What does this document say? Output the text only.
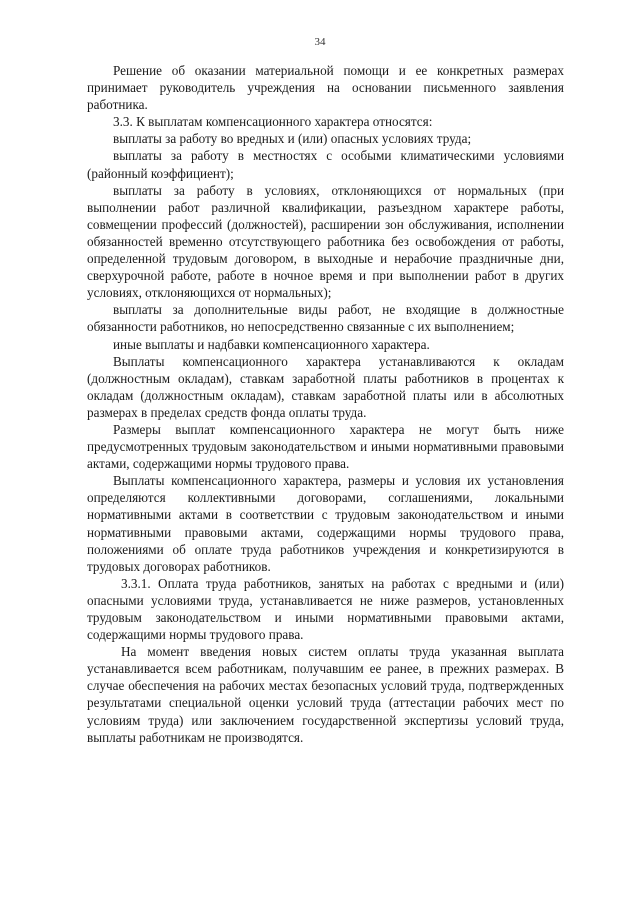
34

Решение об оказании материальной помощи и ее конкретных размерах принимает руководитель учреждения на основании письменного заявления работника.

3.3. К выплатам компенсационного характера относятся:

выплаты за работу во вредных и (или) опасных условиях труда;

выплаты за работу в местностях с особыми климатическими условиями (районный коэффициент);

выплаты за работу в условиях, отклоняющихся от нормальных (при выполнении работ различной квалификации, разъездном характере работы, совмещении профессий (должностей), расширении зон обслуживания, исполнении обязанностей временно отсутствующего работника без освобождения от работы, определенной трудовым договором, в выходные и нерабочие праздничные дни, сверхурочной работе, работе в ночное время и при выполнении работ в других условиях, отклоняющихся от нормальных);

выплаты за дополнительные виды работ, не входящие в должностные обязанности работников, но непосредственно связанные с их выполнением;

иные выплаты и надбавки компенсационного характера.

Выплаты компенсационного характера устанавливаются к окладам (должностным окладам), ставкам заработной платы работников в процентах к окладам (должностным окладам), ставкам заработной платы или в абсолютных размерах в пределах средств фонда оплаты труда.

Размеры выплат компенсационного характера не могут быть ниже предусмотренных трудовым законодательством и иными нормативными правовыми актами, содержащими нормы трудового права.

Выплаты компенсационного характера, размеры и условия их установления определяются коллективными договорами, соглашениями, локальными нормативными актами в соответствии с трудовым законодательством и иными нормативными правовыми актами, содержащими нормы трудового права, положениями об оплате труда работников учреждения и конкретизируются в трудовых договорах работников.

3.3.1. Оплата труда работников, занятых на работах с вредными и (или) опасными условиями труда, устанавливается не ниже размеров, установленных трудовым законодательством и иными нормативными правовыми актами, содержащими нормы трудового права.

На момент введения новых систем оплаты труда указанная выплата устанавливается всем работникам, получавшим ее ранее, в прежних размерах. В случае обеспечения на рабочих местах безопасных условий труда, подтвержденных результатами специальной оценки условий труда (аттестации рабочих мест по условиям труда) или заключением государственной экспертизы условий труда, выплаты работникам не производятся.
